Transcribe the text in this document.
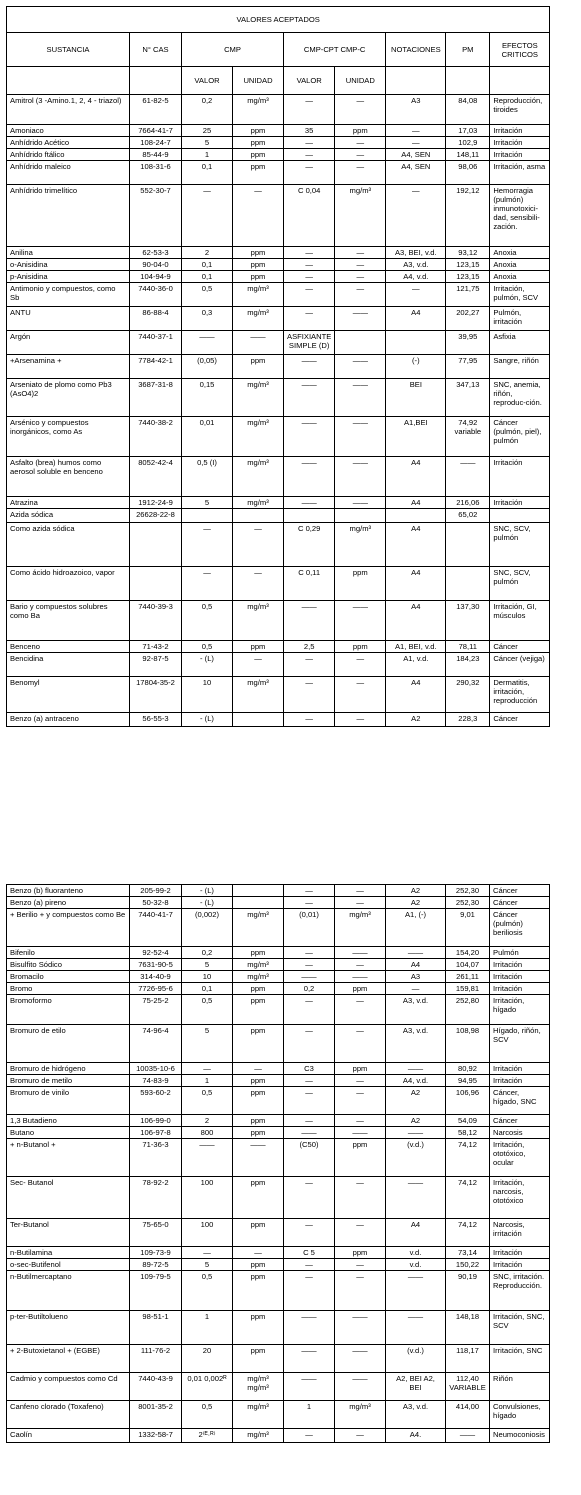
VALORES ACEPTADOS								
SUSTANCIA	N° CAS	CMP		CMP-CPT CMP-C		NOTACIONES	PM	EFECTOS CRITICOS
		VALOR	UNIDAD	VALOR	UNIDAD			
Amitrol (3 -Amino.1, 2, 4 - triazol)	61-82-5	0,2	mg/m³	—	—	A3	84,08	Reproducción, tiroides
Amoniaco	7664-41-7	25	ppm	35	ppm	—	17,03	Irritación
Anhídrido Acético	108-24-7	5	ppm	—	—	—	102,9	Irritación
Anhídrido ftálico	85-44-9	1	ppm	—	—	A4, SEN	148,11	Irritación
Anhídrido maleico	108-31-6	0,1	ppm	—	—	A4, SEN	98,06	Irritación, asma
Anhídrido trimelítico	552-30-7	—	—	C 0,04	mg/m³	—	192,12	Hemorragia (pulmón) inmunotoxici-dad, sensibili-zación.
Anilina	62-53-3	2	ppm	—	—	A3, BEI, v.d.	93,12	Anoxia
o-Anisidina	90-04-0	0,1	ppm	—	—	A3, v.d.	123,15	Anoxia
p-Anisidina	104-94-9	0,1	ppm	—	—	A4, v.d.	123,15	Anoxia
Antimonio y compuestos, como Sb	7440-36-0	0,5	mg/m³	—	—	—	121,75	Irritación, pulmón, SCV
ANTU	86-88-4	0,3	mg/m³	—	——	A4	202,27	Pulmón, irritación
Argón	7440-37-1	——	——	ASFIXIANTE SIMPLE (D)			39,95	Asfixia
+Arsenamina +	7784-42-1	(0,05)	ppm	——	——	(-)	77,95	Sangre, riñón
Arseniato de plomo como Pb3 (AsO4)2	3687-31-8	0,15	mg/m³	——	——	BEI	347,13	SNC, anemia, riñón, reproduc-ción.
Arsénico y compuestos inorgánicos, como As	7440-38-2	0,01	mg/m³	——	——	A1,BEI	74,92 variable	Cáncer (pulmón, piel), pulmón
Asfalto (brea) humos como aerosol soluble en benceno	8052-42-4	0,5 (I)	mg/m³	——	——	A4	——	Irritación
Atrazina	1912-24-9	5	mg/m³	——	——	A4	216,06	Irritación
Azida sódica	26628-22-8						65,02	
Como azida sódica		—	—	C 0,29	mg/m³	A4		SNC, SCV, pulmón
Como ácido hidroazoico, vapor		—	—	C 0,11	ppm	A4		SNC, SCV, pulmón
Bario y compuestos solubres como Ba	7440-39-3	0,5	mg/m³	——	——	A4	137,30	Irritación, GI, músculos
Benceno	71-43-2	0,5	ppm	2,5	ppm	A1, BEI, v.d.	78,11	Cáncer
Bencidina	92-87-5	- (L)	—	—	—	A1, v.d.	184,23	Cáncer (vejiga)
Benomyl	17804-35-2	10	mg/m³	—	—	A4	290,32	Dermatitis, irritación, reproducción
Benzo (a) antraceno	56-55-3	- (L)		—	—	A2	228,3	Cáncer
Benzo (b) fluoranteno	205-99-2	- (L)		—	—	A2	252,30	Cáncer
Benzo (a) pireno	50-32-8	- (L)		—	—	A2	252,30	Cáncer
+ Berilio + y compuestos como Be	7440-41-7	(0,002)	mg/m³	(0,01)	mg/m³	A1, (-)	9,01	Cáncer (pulmón) beriliosis
Bifenilo	92-52-4	0,2	ppm	—	——	——	154,20	Pulmón
Bisulfito Sódico	7631-90-5	5	mg/m³	—	—	A4	104,07	Irritación
Bromacilo	314-40-9	10	mg/m³	——	——	A3	261,11	Irritación
Bromo	7726-95-6	0,1	ppm	0,2	ppm	—	159,81	Irritación
Bromoformo	75-25-2	0,5	ppm	—	—	A3, v.d.	252,80	Irritación, hígado
Bromuro de etilo	74-96-4	5	ppm	—	—	A3, v.d.	108,98	Hígado, riñón, SCV
Bromuro de hidrógeno	10035-10-6	—	—	C3	ppm	——	80,92	Irritación
Bromuro de metilo	74-83-9	1	ppm	—	—	A4, v.d.	94,95	Irritación
Bromuro de vinilo	593-60-2	0,5	ppm	—	—	A2	106,96	Cáncer, hígado, SNC
1,3 Butadieno	106-99-0	2	ppm	—	—	A2	54,09	Cáncer
Butano	106-97-8	800	ppm	——	——	——	58,12	Narcosis
+ n-Butanol +	71-36-3	——	——	(C50)	ppm	(v.d.)	74,12	Irritación, ototóxico, ocular
Sec- Butanol	78-92-2	100	ppm	—	—	——	74,12	Irritación, narcosis, ototóxico
Ter-Butanol	75-65-0	100	ppm	—	—	A4	74,12	Narcosis, irritación
n-Butilamina	109-73-9	—	—	C 5	ppm	v.d.	73,14	Irritación
o-sec-Butifenol	89-72-5	5	ppm	—	—	v.d.	150,22	Irritación
n-Butilmercaptano	109-79-5	0,5	ppm	—	—	——	90,19	SNC, irritación. Reproducción.
p-ter-Butiltolueno	98-51-1	1	ppm	——	——	——	148,18	Irritación, SNC, SCV
+ 2-Butoxietanol + (EGBE)	111-76-2	20	ppm	——	——	(v.d.)	118,17	Irritación, SNC
Cadmio y compuestos como Cd	7440-43-9	0,01 0,002ᴿ	mg/m³ mg/m³	——	——	A2, BEI A2, BEI	112,40 VARIABLE	Riñón
Canfeno clorado (Toxafeno)	8001-35-2	0,5	mg/m³	1	mg/m³	A3, v.d.	414,00	Convulsiones, hígado
Caolín	1332-58-7	2⁽ᴱ·ᴿ⁾	mg/m³	—	—	A4.	——	Neumoconiosis
